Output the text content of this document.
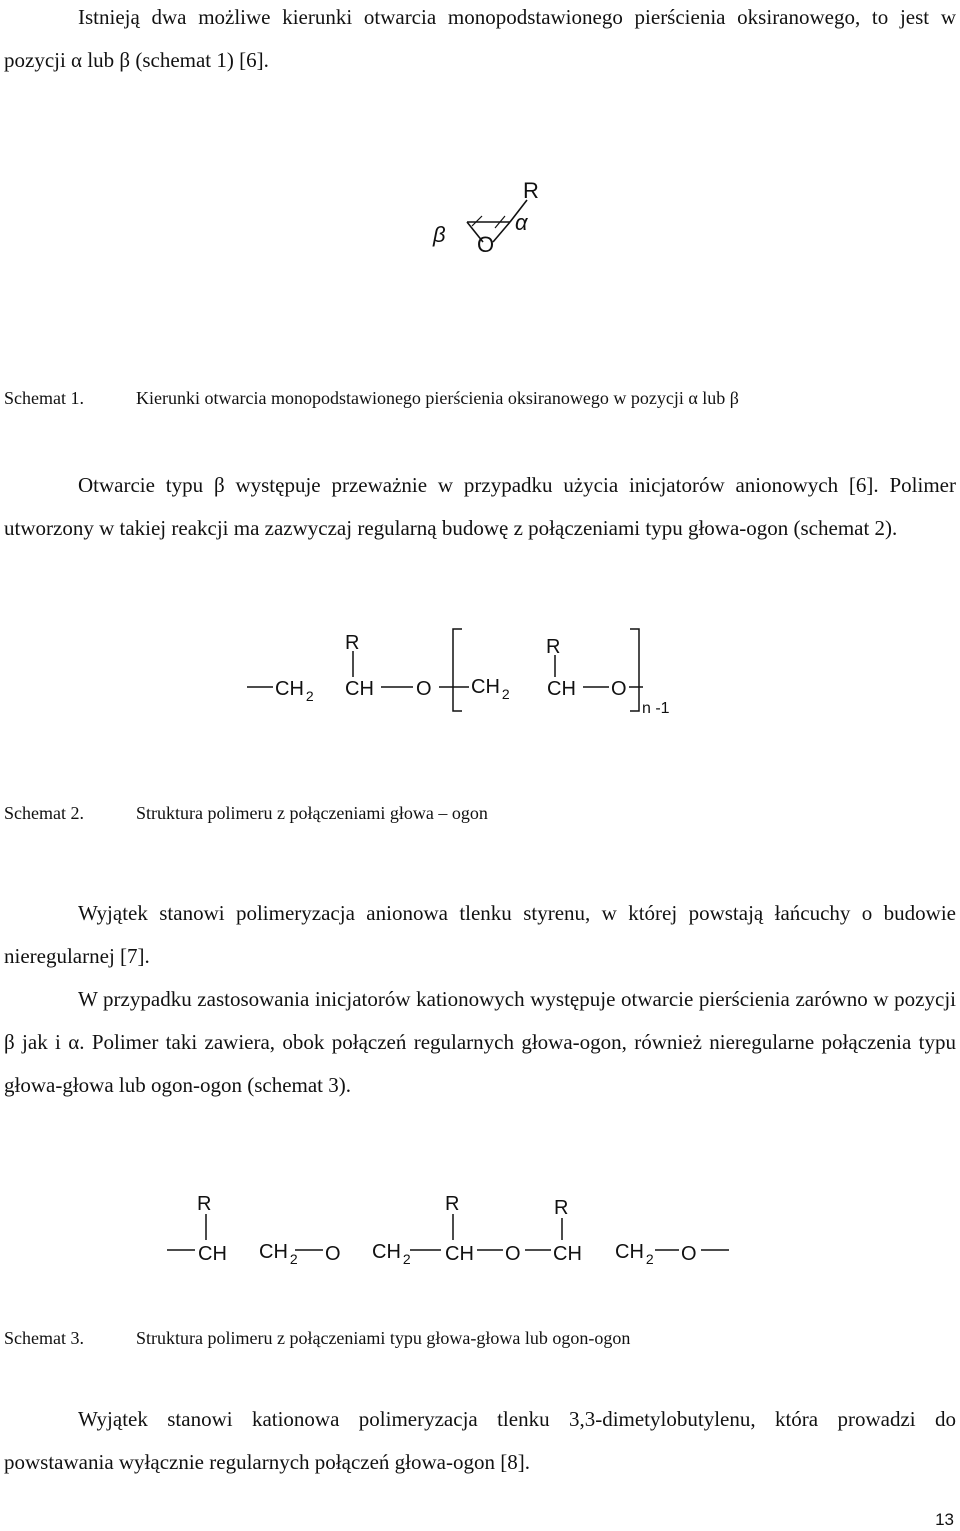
Istnieją dwa możliwe kierunki otwarcia monopodstawionego pierścienia oksiranowego, to jest w pozycji α lub β (schemat 1) [6].

R
O
β	α
Schemat 1.	Kierunki otwarcia monopodstawionego pierścienia oksiranowego w pozycji α lub β

Otwarcie typu β występuje przeważnie w przypadku użycia inicjatorów anionowych [6]. Polimer utworzony w takiej reakcji ma zazwyczaj regularną budowę z połączeniami typu głowa-ogon (schemat 2).

CH $_2$ CH
R
O CH $_2$ CH
R
O
n -1
Schemat 2.	Struktura polimeru z połączeniami głowa – ogon

Wyjątek stanowi polimeryzacja anionowa tlenku styrenu, w której powstają łańcuchy o budowie nieregularnej [7].

W przypadku zastosowania inicjatorów kationowych występuje otwarcie pierścienia zarówno w pozycji β jak i α. Polimer taki zawiera, obok połączeń regularnych głowa-ogon, również nieregularne połączenia typu głowa-głowa lub ogon-ogon (schemat 3).

CH
R
CH $_2$ O CH $_2$ CH
R
O CH
R
CH $_2$ O
Schemat 3.	Struktura polimeru z połączeniami typu głowa-głowa lub ogon-ogon

Wyjątek stanowi kationowa polimeryzacja tlenku 3,3-dimetylobutylenu, która prowadzi do powstawania wyłącznie regularnych połączeń głowa-ogon [8].

13
